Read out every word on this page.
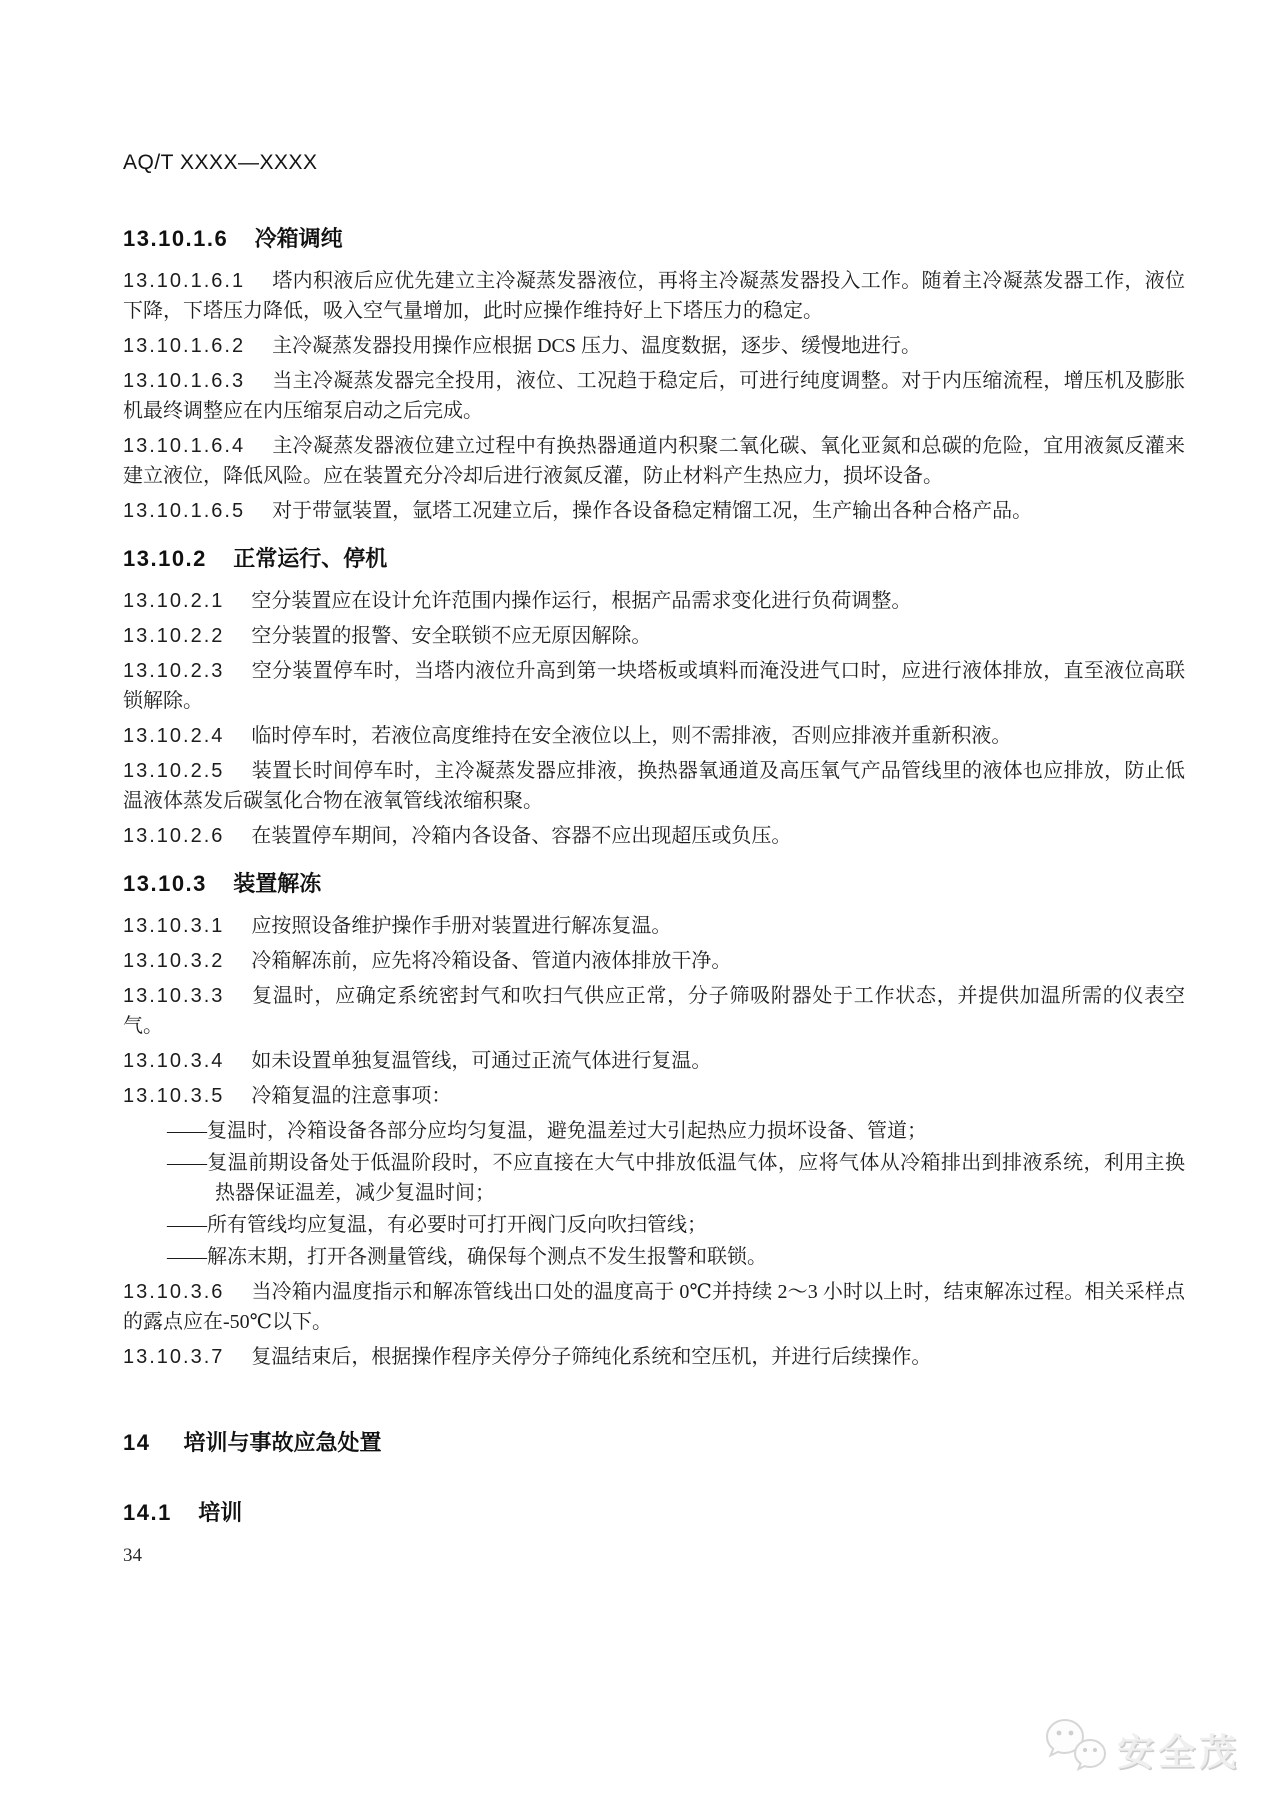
AQ/T XXXX—XXXX
13.10.1.6 冷箱调纯

13.10.1.6.1 塔内积液后应优先建立主冷凝蒸发器液位，再将主冷凝蒸发器投入工作。随着主冷凝蒸发器工作，液位下降，下塔压力降低，吸入空气量增加，此时应操作维持好上下塔压力的稳定。

13.10.1.6.2 主冷凝蒸发器投用操作应根据 DCS 压力、温度数据，逐步、缓慢地进行。

13.10.1.6.3 当主冷凝蒸发器完全投用，液位、工况趋于稳定后，可进行纯度调整。对于内压缩流程，增压机及膨胀机最终调整应在内压缩泵启动之后完成。

13.10.1.6.4 主冷凝蒸发器液位建立过程中有换热器通道内积聚二氧化碳、氧化亚氮和总碳的危险，宜用液氮反灌来建立液位，降低风险。应在装置充分冷却后进行液氮反灌，防止材料产生热应力，损坏设备。

13.10.1.6.5 对于带氩装置，氩塔工况建立后，操作各设备稳定精馏工况，生产输出各种合格产品。

13.10.2 正常运行、停机

13.10.2.1 空分装置应在设计允许范围内操作运行，根据产品需求变化进行负荷调整。

13.10.2.2 空分装置的报警、安全联锁不应无原因解除。

13.10.2.3 空分装置停车时，当塔内液位升高到第一块塔板或填料而淹没进气口时，应进行液体排放，直至液位高联锁解除。

13.10.2.4 临时停车时，若液位高度维持在安全液位以上，则不需排液，否则应排液并重新积液。

13.10.2.5 装置长时间停车时，主冷凝蒸发器应排液，换热器氧通道及高压氧气产品管线里的液体也应排放，防止低温液体蒸发后碳氢化合物在液氧管线浓缩积聚。

13.10.2.6 在装置停车期间，冷箱内各设备、容器不应出现超压或负压。

13.10.3 装置解冻

13.10.3.1 应按照设备维护操作手册对装置进行解冻复温。

13.10.3.2 冷箱解冻前，应先将冷箱设备、管道内液体排放干净。

13.10.3.3 复温时，应确定系统密封气和吹扫气供应正常，分子筛吸附器处于工作状态，并提供加温所需的仪表空气。

13.10.3.4 如未设置单独复温管线，可通过正流气体进行复温。

13.10.3.5 冷箱复温的注意事项：

——复温时，冷箱设备各部分应均匀复温，避免温差过大引起热应力损坏设备、管道；

——复温前期设备处于低温阶段时，不应直接在大气中排放低温气体，应将气体从冷箱排出到排液系统，利用主换热器保证温差，减少复温时间；

——所有管线均应复温，有必要时可打开阀门反向吹扫管线；

——解冻末期，打开各测量管线，确保每个测点不发生报警和联锁。

13.10.3.6 当冷箱内温度指示和解冻管线出口处的温度高于 0℃并持续 2～3 小时以上时，结束解冻过程。相关采样点的露点应在-50℃以下。

13.10.3.7 复温结束后，根据操作程序关停分子筛纯化系统和空压机，并进行后续操作。

14 培训与事故应急处置
14.1 培训
34
安全茂
